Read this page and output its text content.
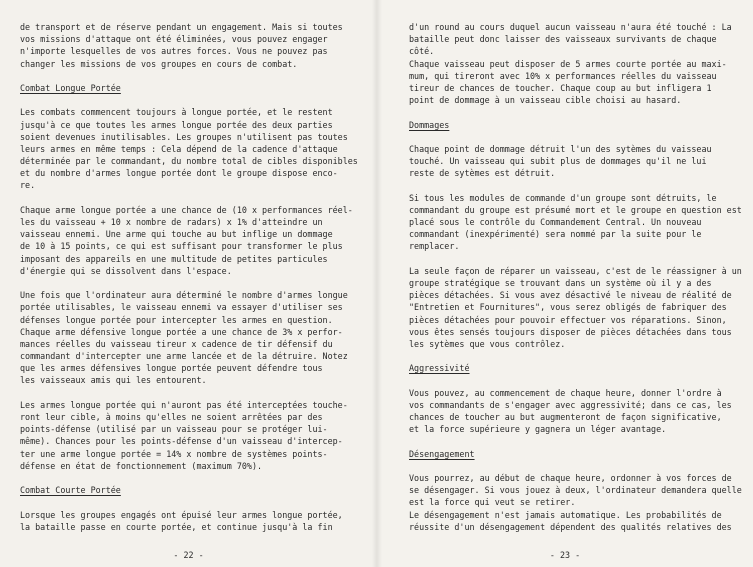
de transport et de réserve pendant un engagement. Mais si toutes
vos missions d'attaque ont été éliminées, vous pouvez engager
n'importe lesquelles de vos autres forces. Vous ne pouvez pas
changer les missions de vos groupes en cours de combat.
Combat Longue Portée
Les combats commencent toujours à longue portée, et le restent
jusqu'à ce que toutes les armes longue portée des deux parties
soient devenues inutilisables. Les groupes n'utilisent pas toutes
leurs armes en même temps : Cela dépend de la cadence d'attaque
déterminée par le commandant, du nombre total de cibles disponibles
et du nombre d'armes longue portée dont le groupe dispose enco-
re.
Chaque arme longue portée a une chance de (10 x performances réel-
les du vaisseau + 10 x nombre de radars) x 1% d'atteindre un
vaisseau ennemi. Une arme qui touche au but inflige un dommage
de 10 à 15 points, ce qui est suffisant pour transformer le plus
imposant des appareils en une multitude de petites particules
d'énergie qui se dissolvent dans l'espace.
Une fois que l'ordinateur aura déterminé le nombre d'armes longue
portée utilisables, le vaisseau ennemi va essayer d'utiliser ses
défenses longue portée pour intercepter les armes en question.
Chaque arme défensive longue portée a une chance de 3% x perfor-
mances réelles du vaisseau tireur x cadence de tir défensif du
commandant d'intercepter une arme lancée et de la détruire. Notez
que les armes défensives longue portée peuvent défendre tous
les vaisseaux amis qui les entourent.
Les armes longue portée qui n'auront pas été interceptées touche-
ront leur cible, à moins qu'elles ne soient arrêtées par des
points-défense (utilisé par un vaisseau pour se protéger lui-
même). Chances pour les points-défense d'un vaisseau d'intercep-
ter une arme longue portée = 14% x nombre de systèmes points-
défense en état de fonctionnement (maximum 70%).
Combat Courte Portée
Lorsque les groupes engagés ont épuisé leur armes longue portée,
la bataille passe en courte portée, et continue jusqu'à la fin
- 22 -
d'un round au cours duquel aucun vaisseau n'aura été touché : La
bataille peut donc laisser des vaisseaux survivants de chaque
côté.
Chaque vaisseau peut disposer de 5 armes courte portée au maxi-
mum, qui tireront avec 10% x performances réelles du vaisseau
tireur de chances de toucher. Chaque coup au but infligera 1
point de dommage à un vaisseau cible choisi au hasard.
Dommages
Chaque point de dommage détruit l'un des sytèmes du vaisseau
touché. Un vaisseau qui subit plus de dommages qu'il ne lui
reste de sytèmes est détruit.
Si tous les modules de commande d'un groupe sont détruits, le
commandant du groupe est présumé mort et le groupe en question est
placé sous le contrôle du Commandement Central. Un nouveau
commandant (inexpérimenté) sera nommé par la suite pour le
remplacer.
La seule façon de réparer un vaisseau, c'est de le réassigner à un
groupe stratégique se trouvant dans un système où il y a des
pièces détachées. Si vous avez désactivé le niveau de réalité de
"Entretien et Fournitures", vous serez obligés de fabriquer des
pièces détachées pour pouvoir effectuer vos réparations. Sinon,
vous êtes sensés toujours disposer de pièces détachées dans tous
les sytèmes que vous contrôlez.
Aggressivité
Vous pouvez, au commencement de chaque heure, donner l'ordre à
vos commandants de s'engager avec aggressivité; dans ce cas, les
chances de toucher au but augmenteront de façon significative,
et la force supérieure y gagnera un léger avantage.
Désengagement
Vous pourrez, au début de chaque heure, ordonner à vos forces de
se désengager. Si vous jouez à deux, l'ordinateur demandera quelle
est la force qui veut se retirer.
Le désengagement n'est jamais automatique. Les probabilités de
réussite d'un désengagement dépendent des qualités relatives des
- 23 -
